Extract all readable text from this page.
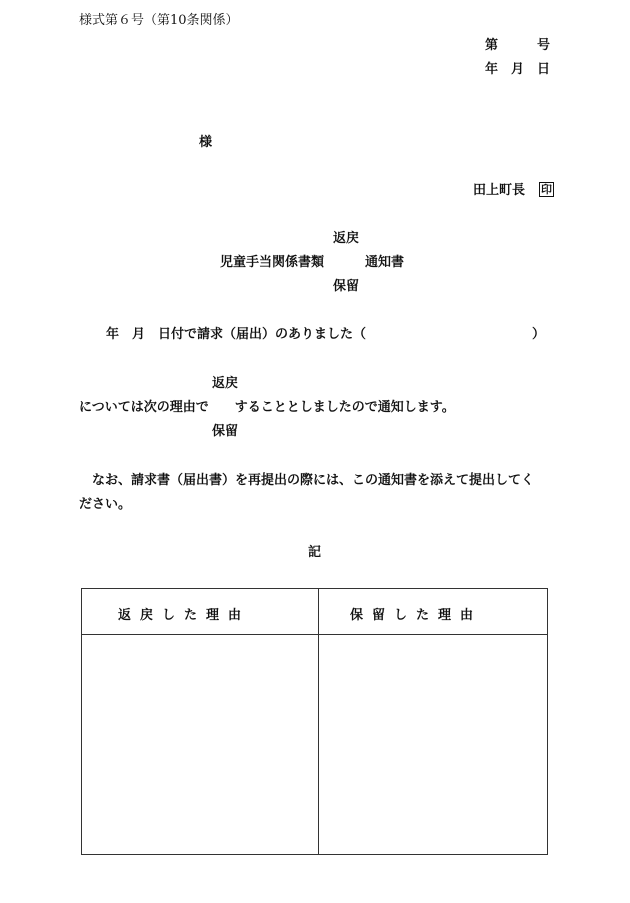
様式第６号（第10条関係）
第　　　号
年　月　日
様
田上町長 印
返戻
児童手当関係書類	通知書
保留
年　月　日付で請求（届出）のありました（	）
返戻
については次の理由で　　することとしましたので通知します。
保留
なお、請求書（届出書）を再提出の際には、この通知書を添えて提出してく
ださい。
記
返戻した理由	保留した理由
